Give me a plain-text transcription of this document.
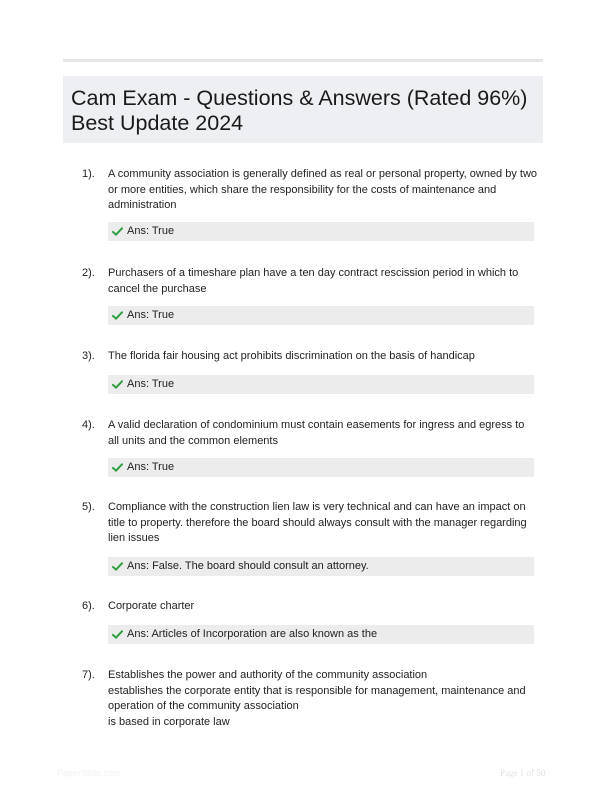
Cam Exam - Questions & Answers (Rated 96%)
Best Update 2024
1). A community association is generally defined as real or personal property, owned by two or more entities, which share the responsibility for the costs of maintenance and administration
Ans: True
2). Purchasers of a timeshare plan have a ten day contract rescission period in which to cancel the purchase
Ans: True
3). The florida fair housing act prohibits discrimination on the basis of handicap
Ans: True
4). A valid declaration of condominium must contain easements for ingress and egress to all units and the common elements
Ans: True
5). Compliance with the construction lien law is very technical and can have an impact on title to property. therefore the board should always consult with the manager regarding lien issues
Ans: False. The board should consult an attorney.
6). Corporate charter
Ans: Articles of Incorporation are also known as the
7). Establishes the power and authority of the community association
establishes the corporate entity that is responsible for management, maintenance and operation of the community association
is based in corporate law
PaperSlide.com	Page 1 of 50
